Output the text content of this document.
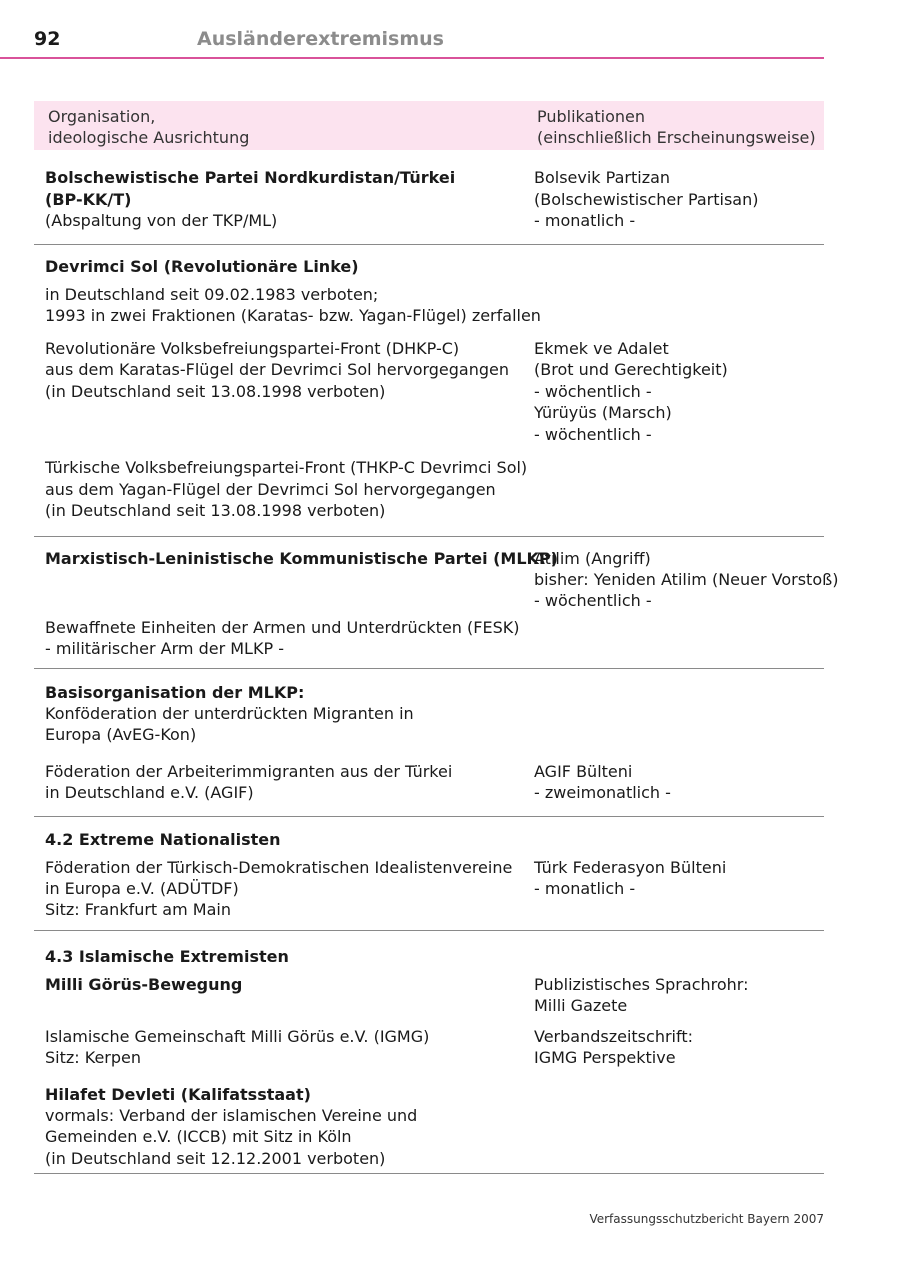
92	Ausländerextremismus
Organisation,
ideologische Ausrichtung
Publikationen
(einschließlich Erscheinungsweise)
Bolschewistische Partei Nordkurdistan/Türkei
(BP-KK/T)
(Abspaltung von der TKP/ML)
Bolsevik Partizan
(Bolschewistischer Partisan)
- monatlich -
Devrimci Sol (Revolutionäre Linke)
in Deutschland seit 09.02.1983 verboten;
1993 in zwei Fraktionen (Karatas- bzw. Yagan-Flügel) zerfallen
Revolutionäre Volksbefreiungspartei-Front (DHKP-C)
aus dem Karatas-Flügel der Devrimci Sol hervorgegangen
(in Deutschland seit 13.08.1998 verboten)
Ekmek ve Adalet
(Brot und Gerechtigkeit)
- wöchentlich -
Yürüyüs (Marsch)
- wöchentlich -
Türkische Volksbefreiungspartei-Front (THKP-C Devrimci Sol)
aus dem Yagan-Flügel der Devrimci Sol hervorgegangen
(in Deutschland seit 13.08.1998 verboten)
Marxistisch-Leninistische Kommunistische Partei (MLKP)
Atilim (Angriff)
bisher: Yeniden Atilim (Neuer Vorstoß)
- wöchentlich -
Bewaffnete Einheiten der Armen und Unterdrückten (FESK)
- militärischer Arm der MLKP -
Basisorganisation der MLKP:
Konföderation der unterdrückten Migranten in
Europa (AvEG-Kon)
Föderation der Arbeiterimmigranten aus der Türkei
in Deutschland e.V. (AGIF)
AGIF Bülteni
- zweimonatlich -
4.2 Extreme Nationalisten
Föderation der Türkisch-Demokratischen Idealistenvereine
in Europa e.V. (ADÜTDF)
Sitz: Frankfurt am Main
Türk Federasyon Bülteni
- monatlich -
4.3 Islamische Extremisten
Milli Görüs-Bewegung	Publizistisches Sprachrohr:
Milli Gazete
Islamische Gemeinschaft Milli Görüs e.V. (IGMG)
Sitz: Kerpen
Verbandszeitschrift:
IGMG Perspektive
Hilafet Devleti (Kalifatsstaat)
vormals: Verband der islamischen Vereine und
Gemeinden e.V. (ICCB) mit Sitz in Köln
(in Deutschland seit 12.12.2001 verboten)
Verfassungsschutzbericht Bayern 2007
